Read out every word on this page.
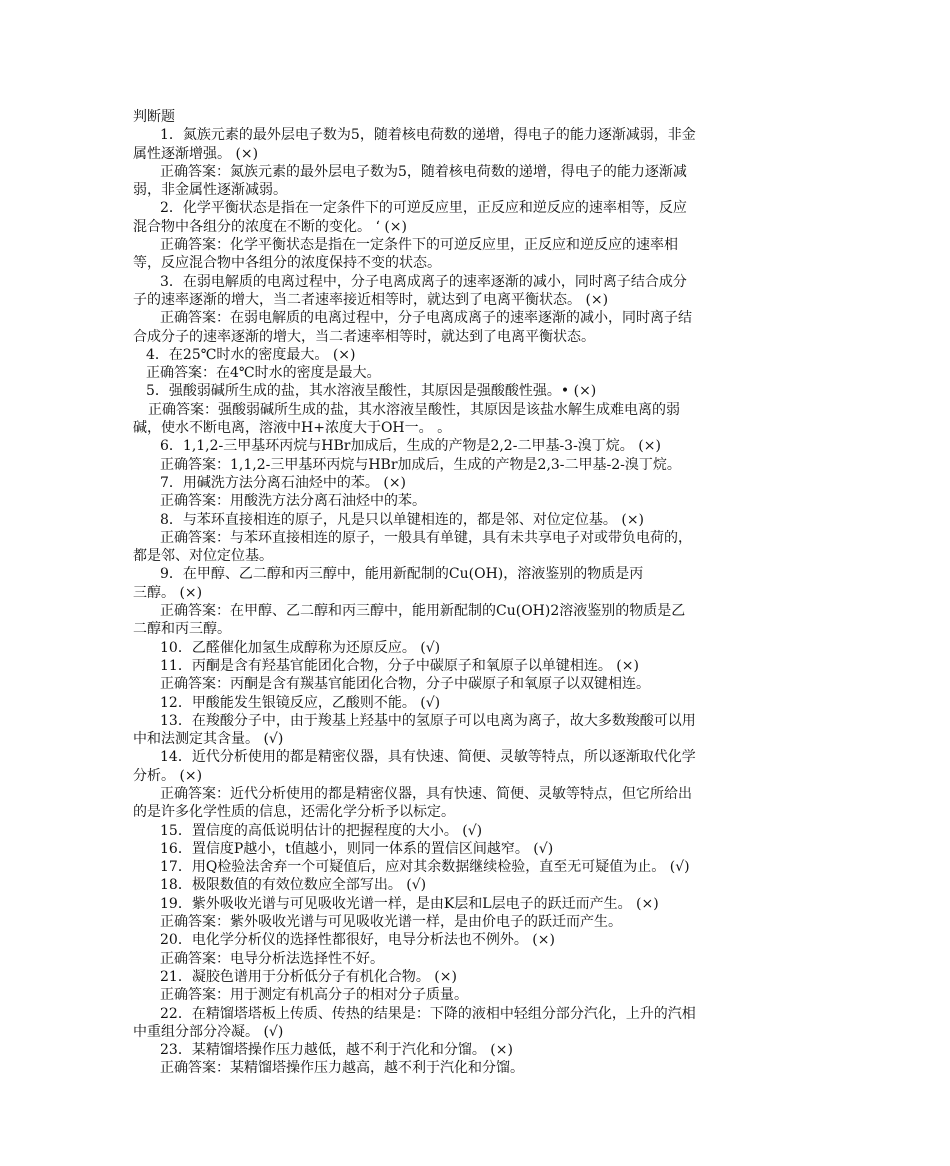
判断题
1．氮族元素的最外层电子数为5，随着核电荷数的递增，得电子的能力逐渐减弱，非金
属性逐渐增强。 (×)
正确答案：氮族元素的最外层电子数为5，随着核电荷数的递增，得电子的能力逐渐减
弱，非金属性逐渐减弱。
2．化学平衡状态是指在一定条件下的可逆反应里，正反应和逆反应的速率相等，反应
混合物中各组分的浓度在不断的变化。 ‘ (×)
正确答案：化学平衡状态是指在一定条件下的可逆反应里，正反应和逆反应的速率相
等，反应混合物中各组分的浓度保持不变的状态。
3．在弱电解质的电离过程中，分子电离成离子的速率逐渐的减小，同时离子结合成分
子的速率逐渐的增大，当二者速率接近相等时，就达到了电离平衡状态。 (×)
正确答案：在弱电解质的电离过程中，分子电离成离子的速率逐渐的减小，同时离子结
合成分子的速率逐渐的增大，当二者速率相等时，就达到了电离平衡状态。
4．在25℃时水的密度最大。 (×)
正确答案：在4℃时水的密度是最大。
5．强酸弱碱所生成的盐，其水溶液呈酸性，其原因是强酸酸性强。• (×)
正确答案：强酸弱碱所生成的盐，其水溶液呈酸性，其原因是该盐水解生成难电离的弱
碱，使水不断电离，溶液中H+浓度大于OH一。 。
6．1,1,2-三甲基环丙烷与HBr加成后，生成的产物是2,2-二甲基-3-溴丁烷。 (×)
正确答案：1,1,2-三甲基环丙烷与HBr加成后，生成的产物是2,3-二甲基-2-溴丁烷。
7．用碱洗方法分离石油烃中的苯。 (×)
正确答案：用酸洗方法分离石油烃中的苯。
8．与苯环直接相连的原子，凡是只以单键相连的，都是邻、对位定位基。 (×)
正确答案：与苯环直接相连的原子，一般具有单键，具有未共享电子对或带负电荷的，
都是邻、对位定位基。
9．在甲醇、乙二醇和丙三醇中，能用新配制的Cu(OH)，溶液鉴别的物质是丙
三醇。 (×)
正确答案：在甲醇、乙二醇和丙三醇中，能用新配制的Cu(OH)2溶液鉴别的物质是乙
二醇和丙三醇。
10．乙醛催化加氢生成醇称为还原反应。 (√)
11．丙酮是含有羟基官能团化合物，分子中碳原子和氧原子以单键相连。 (×)
正确答案：丙酮是含有羰基官能团化合物，分子中碳原子和氧原子以双键相连。
12．甲酸能发生银镜反应，乙酸则不能。 (√)
13．在羧酸分子中，由于羧基上羟基中的氢原子可以电离为离子，故大多数羧酸可以用
中和法测定其含量。 (√)
14．近代分析使用的都是精密仪器，具有快速、简便、灵敏等特点，所以逐渐取代化学
分析。 (×)
正确答案：近代分析使用的都是精密仪器，具有快速、简便、灵敏等特点，但它所给出
的是许多化学性质的信息，还需化学分析予以标定。
15．置信度的高低说明估计的把握程度的大小。 (√)
16．置信度P越小，t值越小，则同一体系的置信区间越窄。 (√)
17．用Q检验法舍弃一个可疑值后，应对其余数据继续检验，直至无可疑值为止。 (√)
18．极限数值的有效位数应全部写出。 (√)
19．紫外吸收光谱与可见吸收光谱一样，是由K层和L层电子的跃迁而产生。 (×)
正确答案：紫外吸收光谱与可见吸收光谱一样，是由价电子的跃迁而产生。
20．电化学分析仪的选择性都很好，电导分析法也不例外。 (×)
正确答案：电导分析法选择性不好。
21．凝胶色谱用于分析低分子有机化合物。 (×)
正确答案：用于测定有机高分子的相对分子质量。
22．在精馏塔塔板上传质、传热的结果是：下降的液相中轻组分部分汽化，上升的汽相
中重组分部分冷凝。 (√)
23．某精馏塔操作压力越低，越不利于汽化和分馏。 (×)
正确答案：某精馏塔操作压力越高，越不利于汽化和分馏。
